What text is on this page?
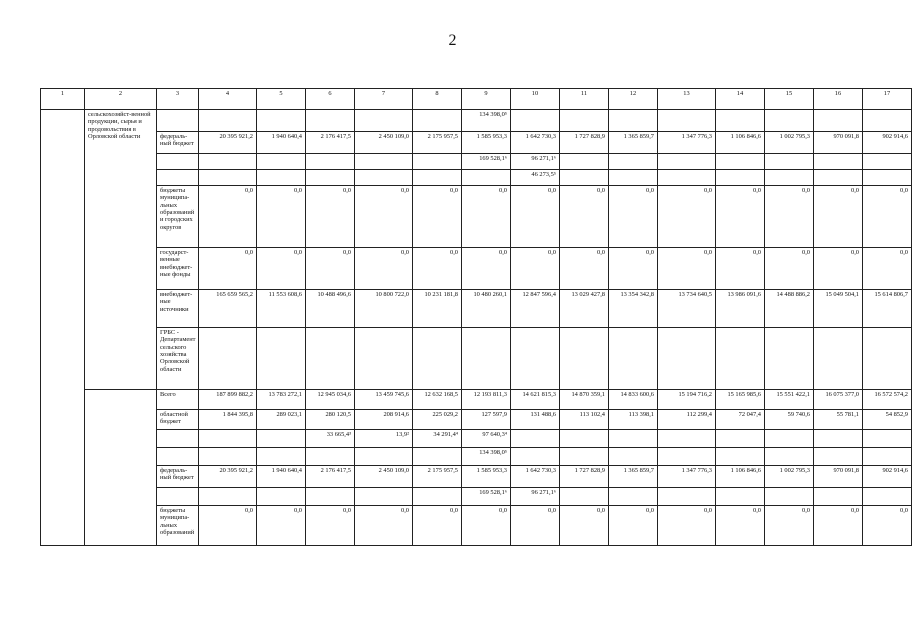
2
1	2	3	4	5	6	7	8	9	10	11	12	13	14	15	16	17
	сельскохозяйст-венной продукции, сырья и продовольствия в Орловской области							134 398,0⁵								
		федераль-ный бюджет	20 395 921,2	1 940 640,4	2 176 417,5	2 450 109,0	2 175 957,5	1 585 953,3	1 642 730,3	1 727 828,9	1 365 859,7	1 347 776,3	1 106 846,6	1 002 795,3	970 091,8	902 914,6
								169 528,1⁶	96 271,1⁶							
									46 273,5⁵							
		бюджеты муниципа-льных образований и городских округов	0,0	0,0	0,0	0,0	0,0	0,0	0,0	0,0	0,0	0,0	0,0	0,0	0,0	0,0
		государст-венные внебюджет-ные фонды	0,0	0,0	0,0	0,0	0,0	0,0	0,0	0,0	0,0	0,0	0,0	0,0	0,0	0,0
		внебюджет-ные источники	165 659 565,2	11 553 608,6	10 488 496,6	10 800 722,0	10 231 181,8	10 480 260,1	12 847 596,4	13 029 427,8	13 354 342,8	13 734 640,5	13 986 091,6	14 488 886,2	15 049 504,1	15 614 806,7
		ГРБС - Департамент сельского хозяйства Орловской области														
		Всего	187 899 882,2	13 783 272,1	12 945 034,6	13 459 745,6	12 632 168,5	12 193 811,3	14 621 815,3	14 870 359,1	14 833 600,6	15 194 716,2	15 165 985,6	15 551 422,1	16 075 377,0	16 572 574,2
		областной бюджет	1 844 395,8	289 023,1	280 120,5	208 914,6	225 029,2	127 597,9	131 488,6	113 102,4	113 398,1	112 299,4	72 047,4	59 740,6	55 781,1	54 852,9
					33 665,4³	13,9²	34 291,4⁴	97 640,3⁴								
								134 398,0⁵								
		федераль-ный бюджет	20 395 921,2	1 940 640,4	2 176 417,5	2 450 109,0	2 175 957,5	1 585 953,3	1 642 730,3	1 727 828,9	1 365 859,7	1 347 776,3	1 106 846,6	1 002 795,3	970 091,8	902 914,6
								169 528,1⁶	96 271,1⁶							
		бюджеты муниципа-льных образований	0,0	0,0	0,0	0,0	0,0	0,0	0,0	0,0	0,0	0,0	0,0	0,0	0,0	0,0
